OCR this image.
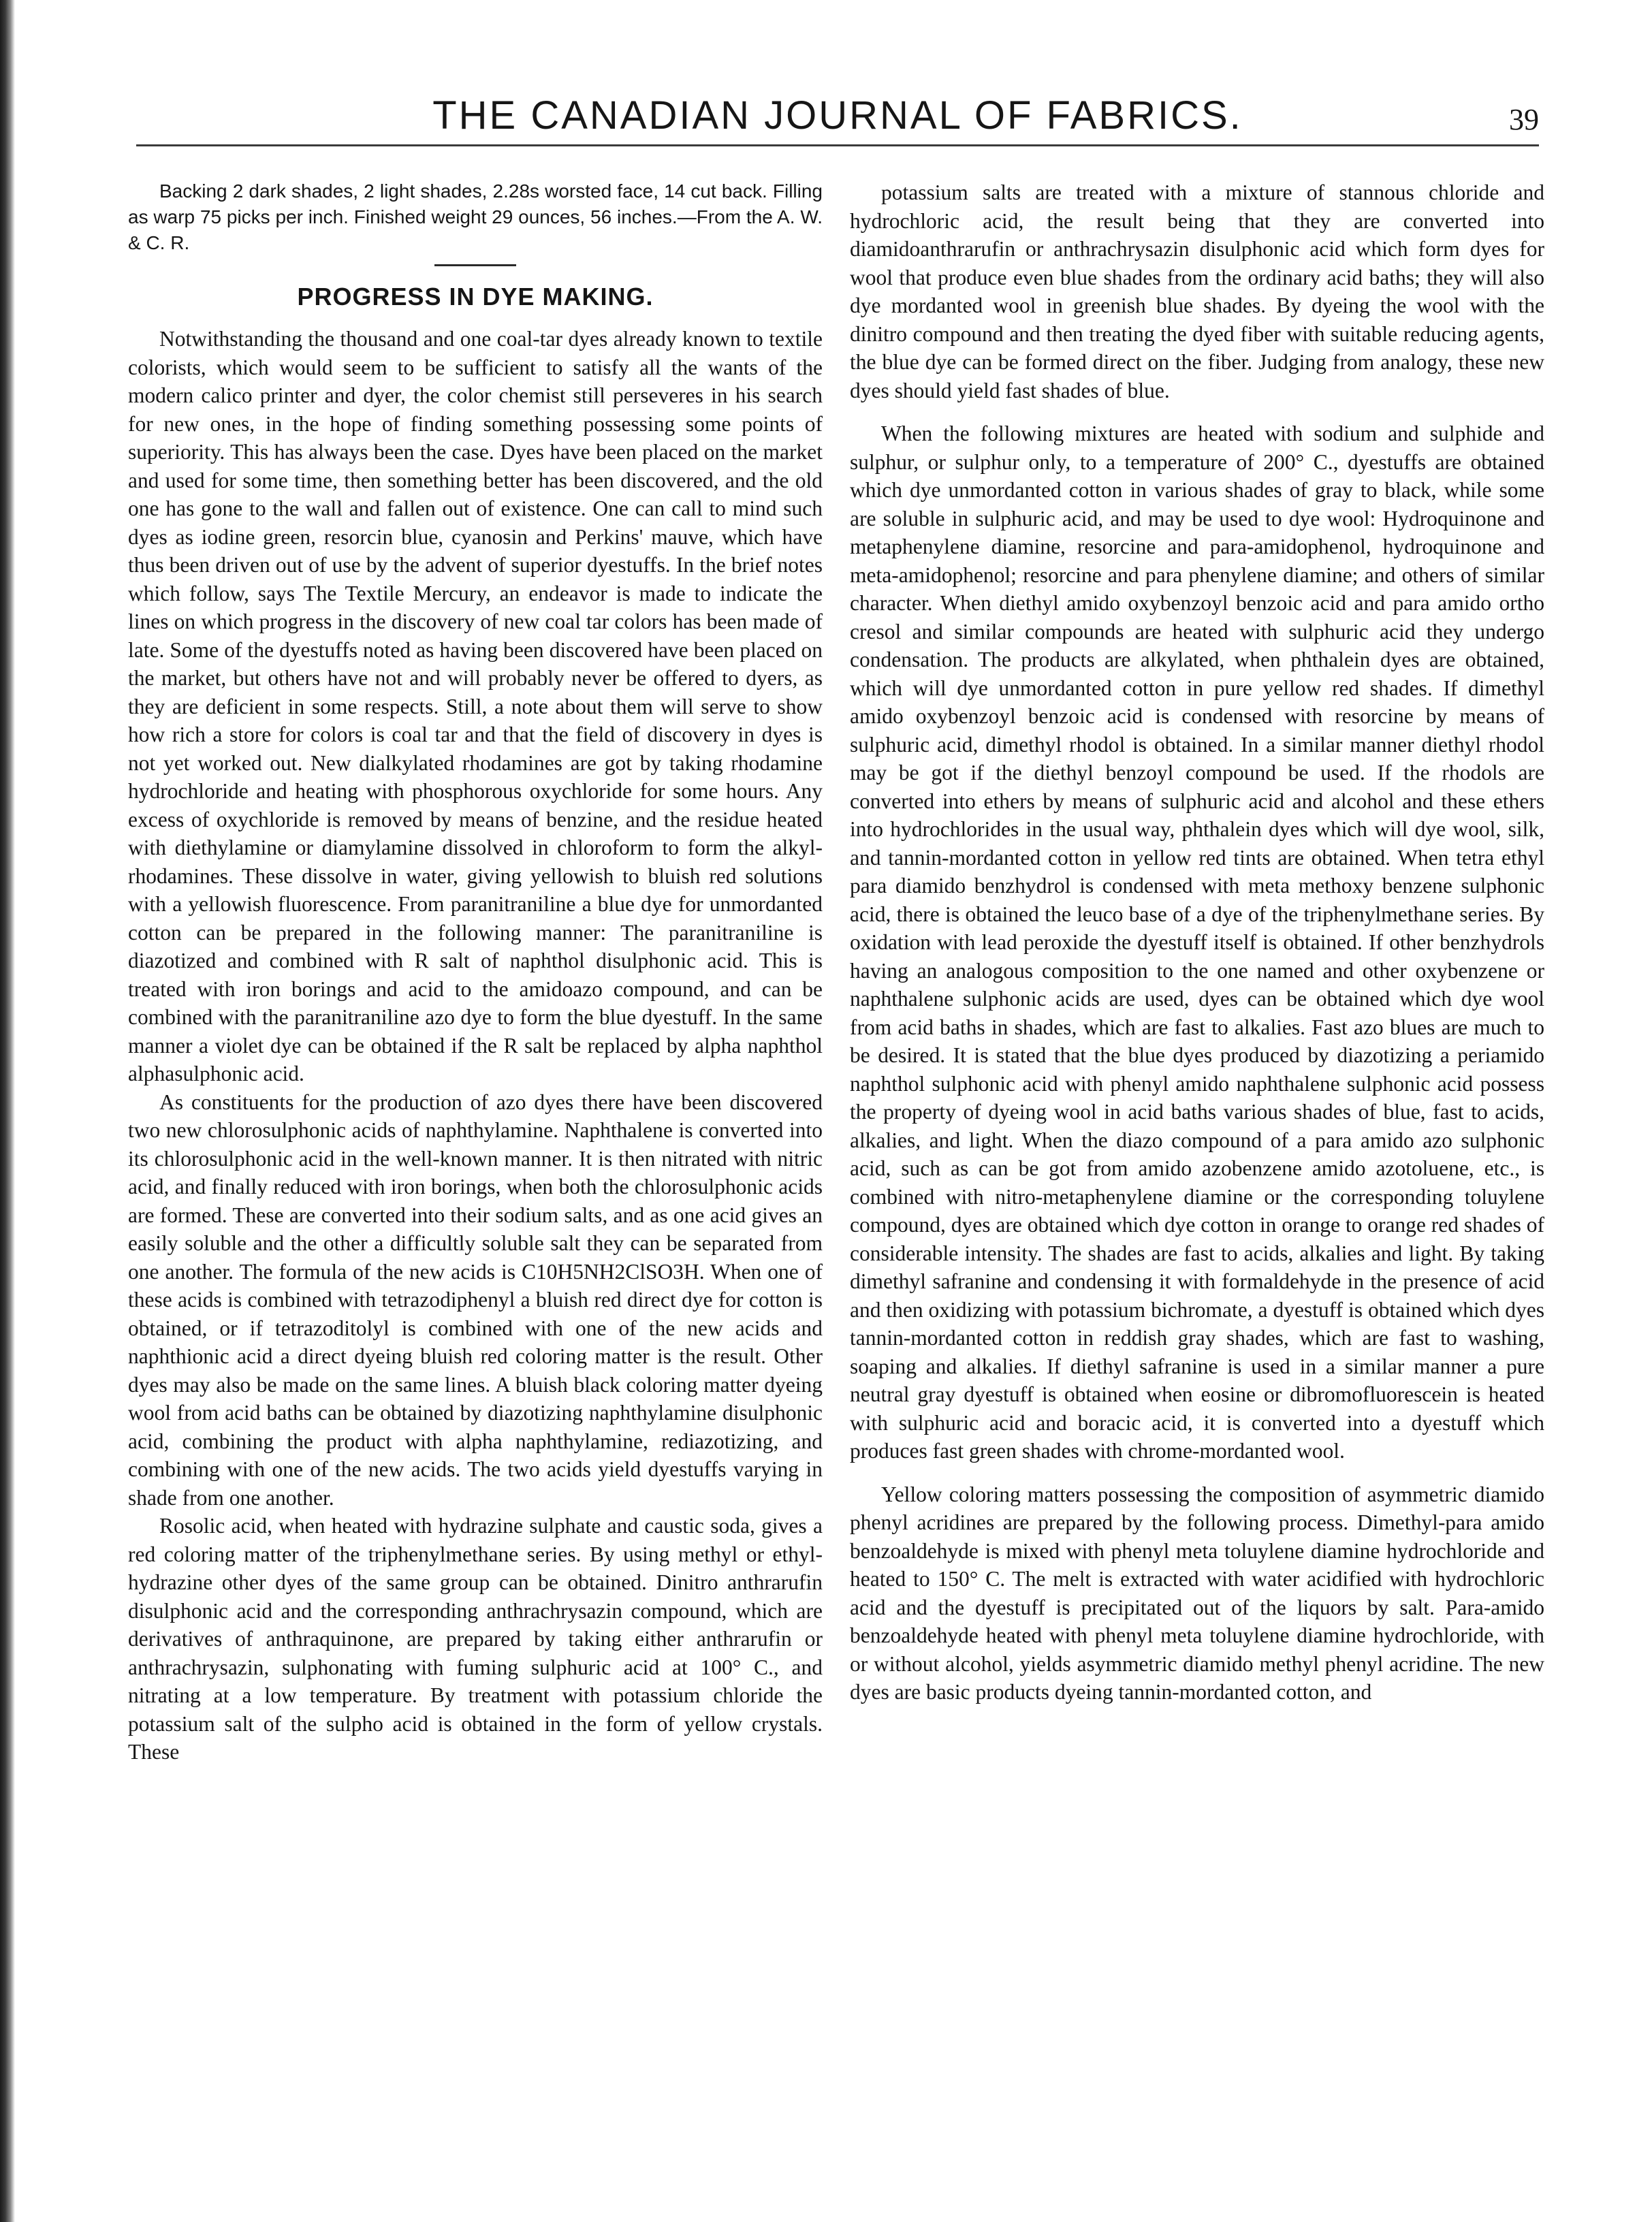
THE CANADIAN JOURNAL OF FABRICS.	39

Backing 2 dark shades, 2 light shades, 2.28s worsted face, 14 cut back. Filling as warp 75 picks per inch. Finished weight 29 ounces, 56 inches.—From the A. W. & C. R.

PROGRESS IN DYE MAKING.

Notwithstanding the thousand and one coal-tar dyes already known to textile colorists, which would seem to be sufficient to satisfy all the wants of the modern calico printer and dyer, the color chemist still perseveres in his search for new ones, in the hope of finding something possessing some points of superiority. This has always been the case. Dyes have been placed on the market and used for some time, then something better has been discovered, and the old one has gone to the wall and fallen out of existence. One can call to mind such dyes as iodine green, resorcin blue, cyanosin and Perkins' mauve, which have thus been driven out of use by the advent of superior dyestuffs. In the brief notes which follow, says The Textile Mercury, an endeavor is made to indicate the lines on which progress in the discovery of new coal tar colors has been made of late. Some of the dyestuffs noted as having been discovered have been placed on the market, but others have not and will probably never be offered to dyers, as they are deficient in some respects. Still, a note about them will serve to show how rich a store for colors is coal tar and that the field of discovery in dyes is not yet worked out. New dialkylated rhodamines are got by taking rhodamine hydrochloride and heating with phosphorous oxychloride for some hours. Any excess of oxychloride is removed by means of benzine, and the residue heated with diethylamine or diamylamine dissolved in chloroform to form the alkyl-rhodamines. These dissolve in water, giving yellowish to bluish red solutions with a yellowish fluorescence. From paranitraniline a blue dye for unmordanted cotton can be prepared in the following manner: The paranitraniline is diazotized and combined with R salt of naphthol disulphonic acid. This is treated with iron borings and acid to the amidoazo compound, and can be combined with the paranitraniline azo dye to form the blue dyestuff. In the same manner a violet dye can be obtained if the R salt be replaced by alpha naphthol alphasulphonic acid.

As constituents for the production of azo dyes there have been discovered two new chlorosulphonic acids of naphthylamine. Naphthalene is converted into its chlorosulphonic acid in the well-known manner. It is then nitrated with nitric acid, and finally reduced with iron borings, when both the chlorosulphonic acids are formed. These are converted into their sodium salts, and as one acid gives an easily soluble and the other a difficultly soluble salt they can be separated from one another. The formula of the new acids is C10H5NH2ClSO3H. When one of these acids is combined with tetrazodiphenyl a bluish red direct dye for cotton is obtained, or if tetrazoditolyl is combined with one of the new acids and naphthionic acid a direct dyeing bluish red coloring matter is the result. Other dyes may also be made on the same lines. A bluish black coloring matter dyeing wool from acid baths can be obtained by diazotizing naphthylamine disulphonic acid, combining the product with alpha naphthylamine, rediazotizing, and combining with one of the new acids. The two acids yield dyestuffs varying in shade from one another.

Rosolic acid, when heated with hydrazine sulphate and caustic soda, gives a red coloring matter of the triphenylmethane series. By using methyl or ethyl-hydrazine other dyes of the same group can be obtained. Dinitro anthrarufin disulphonic acid and the corresponding anthrachrysazin compound, which are derivatives of anthraquinone, are prepared by taking either anthrarufin or anthrachrysazin, sulphonating with fuming sulphuric acid at 100° C., and nitrating at a low temperature. By treatment with potassium chloride the potassium salt of the sulpho acid is obtained in the form of yellow crystals. These

potassium salts are treated with a mixture of stannous chloride and hydrochloric acid, the result being that they are converted into diamidoanthrarufin or anthrachrysazin disulphonic acid which form dyes for wool that produce even blue shades from the ordinary acid baths; they will also dye mordanted wool in greenish blue shades. By dyeing the wool with the dinitro compound and then treating the dyed fiber with suitable reducing agents, the blue dye can be formed direct on the fiber. Judging from analogy, these new dyes should yield fast shades of blue.

When the following mixtures are heated with sodium and sulphide and sulphur, or sulphur only, to a temperature of 200° C., dyestuffs are obtained which dye unmordanted cotton in various shades of gray to black, while some are soluble in sulphuric acid, and may be used to dye wool: Hydroquinone and metaphenylene diamine, resorcine and para-amidophenol, hydroquinone and meta-amidophenol; resorcine and para phenylene diamine; and others of similar character. When diethyl amido oxybenzoyl benzoic acid and para amido ortho cresol and similar compounds are heated with sulphuric acid they undergo condensation. The products are alkylated, when phthalein dyes are obtained, which will dye unmordanted cotton in pure yellow red shades. If dimethyl amido oxybenzoyl benzoic acid is condensed with resorcine by means of sulphuric acid, dimethyl rhodol is obtained. In a similar manner diethyl rhodol may be got if the diethyl benzoyl compound be used. If the rhodols are converted into ethers by means of sulphuric acid and alcohol and these ethers into hydrochlorides in the usual way, phthalein dyes which will dye wool, silk, and tannin-mordanted cotton in yellow red tints are obtained. When tetra ethyl para diamido benzhydrol is condensed with meta methoxy benzene sulphonic acid, there is obtained the leuco base of a dye of the triphenylmethane series. By oxidation with lead peroxide the dyestuff itself is obtained. If other benzhydrols having an analogous composition to the one named and other oxybenzene or naphthalene sulphonic acids are used, dyes can be obtained which dye wool from acid baths in shades, which are fast to alkalies. Fast azo blues are much to be desired. It is stated that the blue dyes produced by diazotizing a periamido naphthol sulphonic acid with phenyl amido naphthalene sulphonic acid possess the property of dyeing wool in acid baths various shades of blue, fast to acids, alkalies, and light. When the diazo compound of a para amido azo sulphonic acid, such as can be got from amido azobenzene amido azotoluene, etc., is combined with nitro-metaphenylene diamine or the corresponding toluylene compound, dyes are obtained which dye cotton in orange to orange red shades of considerable intensity. The shades are fast to acids, alkalies and light. By taking dimethyl safranine and condensing it with formaldehyde in the presence of acid and then oxidizing with potassium bichromate, a dyestuff is obtained which dyes tannin-mordanted cotton in reddish gray shades, which are fast to washing, soaping and alkalies. If diethyl safranine is used in a similar manner a pure neutral gray dyestuff is obtained when eosine or dibromofluorescein is heated with sulphuric acid and boracic acid, it is converted into a dyestuff which produces fast green shades with chrome-mordanted wool.

Yellow coloring matters possessing the composition of asymmetric diamido phenyl acridines are prepared by the following process. Dimethyl-para amido benzoaldehyde is mixed with phenyl meta toluylene diamine hydrochloride and heated to 150° C. The melt is extracted with water acidified with hydrochloric acid and the dyestuff is precipitated out of the liquors by salt. Para-amido benzoaldehyde heated with phenyl meta toluylene diamine hydrochloride, with or without alcohol, yields asymmetric diamido methyl phenyl acridine. The new dyes are basic products dyeing tannin-mordanted cotton, and
